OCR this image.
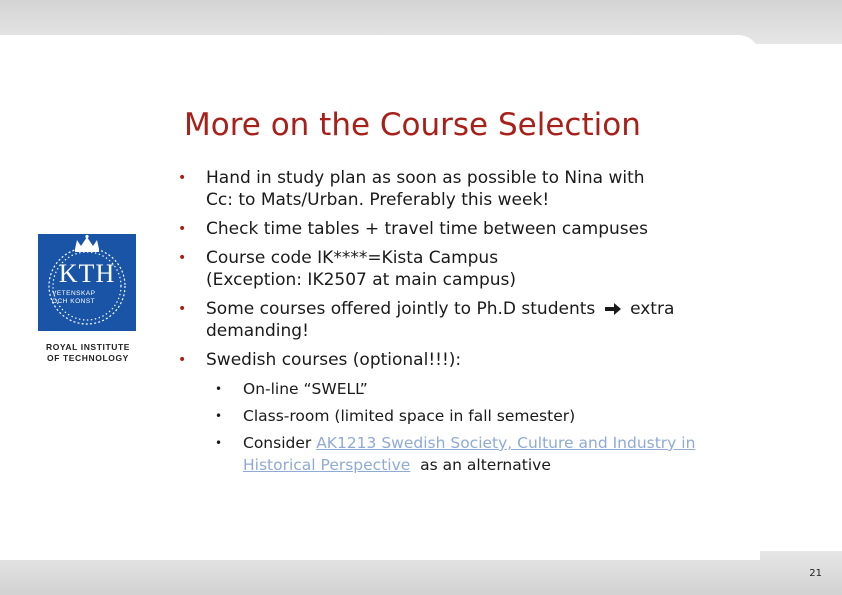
KTH
VETENSKAP
OCH KONST
ROYAL INSTITUTE
OF TECHNOLOGY
More on the Course Selection
• Hand in study plan as soon as possible to Nina with
Cc: to Mats/Urban. Preferably this week!
• Check time tables + travel time between campuses
• Course code IK****=Kista Campus
(Exception: IK2507 at main campus)
• Some courses offered jointly to Ph.D students extra
demanding!
• Swedish courses (optional!!!):
• On-line “SWELL”
• Class-room (limited space in fall semester)
• Consider AK1213 Swedish Society, Culture and Industry in
Historical Perspective  as an alternative
21
